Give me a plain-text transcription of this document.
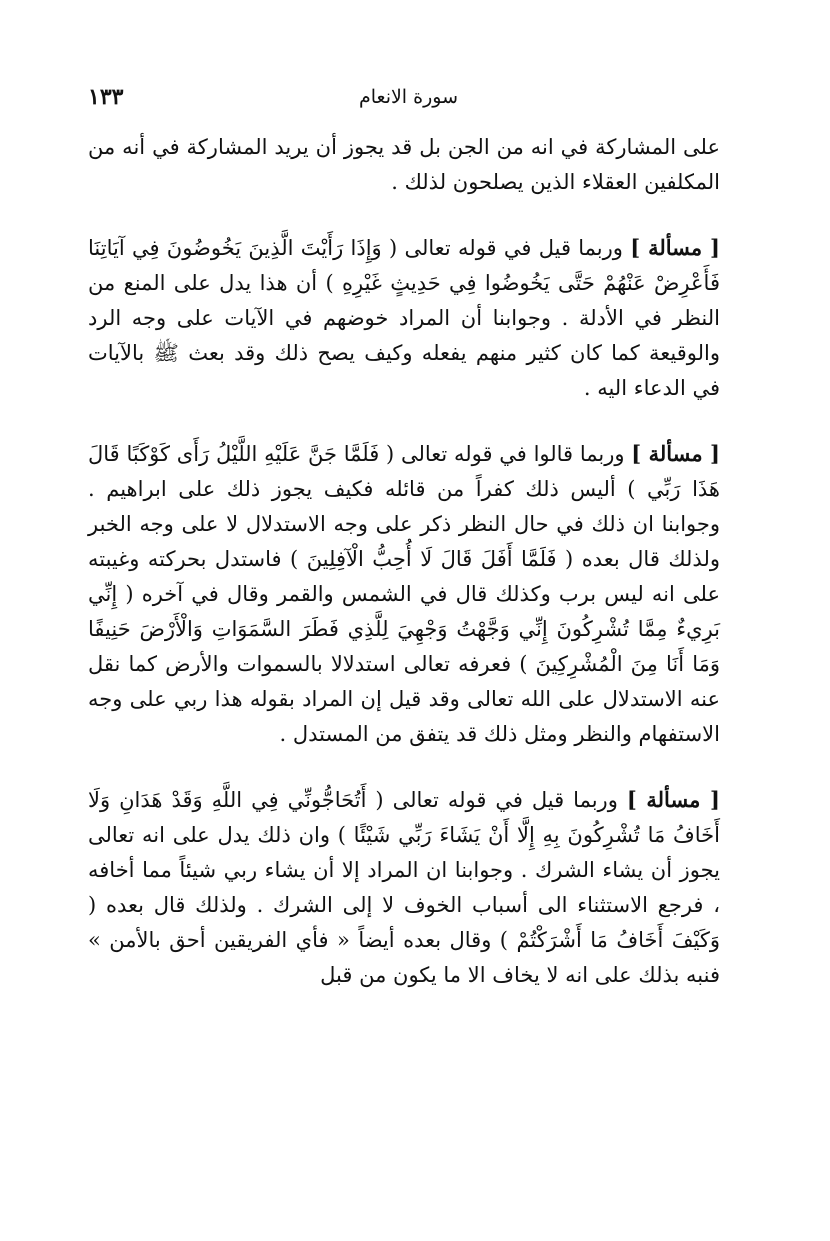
سورة الانعام
١٣٣

على المشاركة في انه من الجن بل قد يجوز أن يريد المشاركة في أنه من المكلفين العقلاء الذين يصلحون لذلك .

[ مسألة ] وربما قيل في قوله تعالى ( وَإِذَا رَأَيْتَ الَّذِينَ يَخُوضُونَ فِي آيَاتِنَا فَأَعْرِضْ عَنْهُمْ حَتَّى يَخُوضُوا فِي حَدِيثٍ غَيْرِهِ ) أن هذا يدل على المنع من النظر في الأدلة . وجوابنا أن المراد خوضهم في الآيات على وجه الرد والوقيعة كما كان كثير منهم يفعله وكيف يصح ذلك وقد بعث ﷺ بالآيات في الدعاء اليه .

[ مسألة ] وربما قالوا في قوله تعالى ( فَلَمَّا جَنَّ عَلَيْهِ اللَّيْلُ رَأَى كَوْكَبًا قَالَ هَذَا رَبِّي ) أليس ذلك كفراً من قائله فكيف يجوز ذلك على ابراهيم . وجوابنا ان ذلك في حال النظر ذكر على وجه الاستدلال لا على وجه الخبر ولذلك قال بعده ( فَلَمَّا أَفَلَ قَالَ لَا أُحِبُّ الْآفِلِينَ ) فاستدل بحركته وغيبته على انه ليس برب وكذلك قال في الشمس والقمر وقال في آخره ( إِنِّي بَرِيءٌ مِمَّا تُشْرِكُونَ إِنِّي وَجَّهْتُ وَجْهِيَ لِلَّذِي فَطَرَ السَّمَوَاتِ وَالْأَرْضَ حَنِيفًا وَمَا أَنَا مِنَ الْمُشْرِكِينَ ) فعرفه تعالى استدلالا بالسموات والأرض كما نقل عنه الاستدلال على الله تعالى وقد قيل إن المراد بقوله هذا ربي على وجه الاستفهام والنظر ومثل ذلك قد يتفق من المستدل .

[ مسألة ] وربما قيل في قوله تعالى ( أَتُحَاجُّونِّي فِي اللَّهِ وَقَدْ هَدَانِ وَلَا أَخَافُ مَا تُشْرِكُونَ بِهِ إِلَّا أَنْ يَشَاءَ رَبِّي شَيْئًا ) وان ذلك يدل على انه تعالى يجوز أن يشاء الشرك . وجوابنا ان المراد إلا أن يشاء ربي شيئاً مما أخافه ، فرجع الاستثناء الى أسباب الخوف لا إلى الشرك . ولذلك قال بعده ( وَكَيْفَ أَخَافُ مَا أَشْرَكْتُمْ ) وقال بعده أيضاً « فأي الفريقين أحق بالأمن » فنبه بذلك على انه لا يخاف الا ما يكون من قبل
